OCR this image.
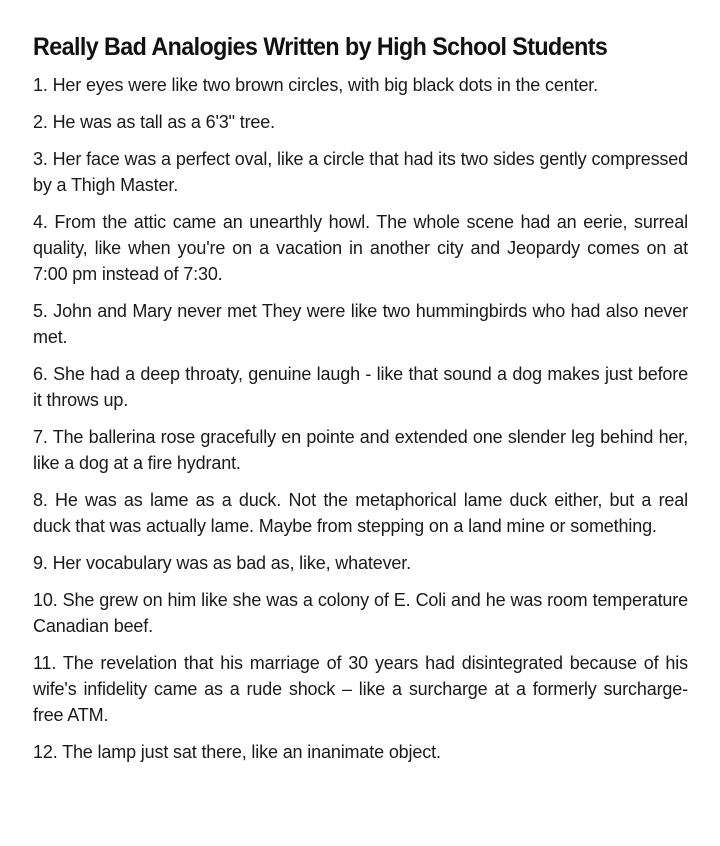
Really Bad Analogies Written by High School Students
1. Her eyes were like two brown circles, with big black dots in the center.
2. He was as tall as a 6'3" tree.
3. Her face was a perfect oval, like a circle that had its two sides gently compressed by a Thigh Master.
4. From the attic came an unearthly howl. The whole scene had an eerie, surreal quality, like when you're on a vacation in another city and Jeopardy comes on at 7:00 pm instead of 7:30.
5. John and Mary never met They were like two hummingbirds who had also never met.
6. She had a deep throaty, genuine laugh - like that sound a dog makes just before it throws up.
7. The ballerina rose gracefully en pointe and extended one slender leg behind her, like a dog at a fire hydrant.
8. He was as lame as a duck. Not the metaphorical lame duck either, but a real duck that was actually lame. Maybe from stepping on a land mine or something.
9. Her vocabulary was as bad as, like, whatever.
10. She grew on him like she was a colony of E. Coli and he was room temperature Canadian beef.
11. The revelation that his marriage of 30 years had disintegrated because of his wife's infidelity came as a rude shock – like a surcharge at a formerly surcharge-free ATM.
12. The lamp just sat there, like an inanimate object.
